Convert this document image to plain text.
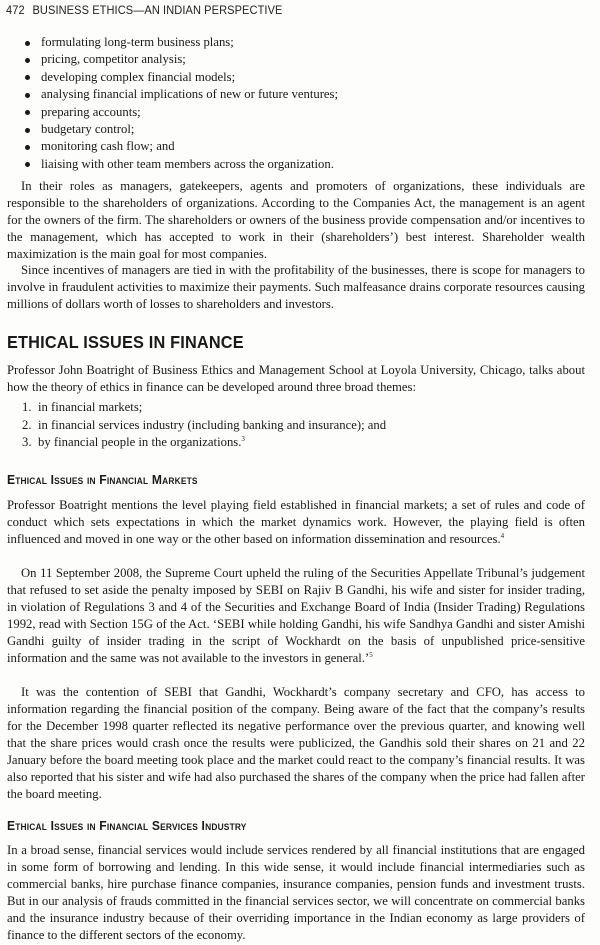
472 BUSINESS ETHICS—AN INDIAN PERSPECTIVE
formulating long-term business plans;
pricing, competitor analysis;
developing complex financial models;
analysing financial implications of new or future ventures;
preparing accounts;
budgetary control;
monitoring cash flow; and
liaising with other team members across the organization.

In their roles as managers, gatekeepers, agents and promoters of organizations, these individuals are responsible to the shareholders of organizations. According to the Companies Act, the management is an agent for the owners of the firm. The shareholders or owners of the business provide compensation and/or incentives to the management, which has accepted to work in their (shareholders’) best interest. Shareholder wealth maximization is the main goal for most companies.

Since incentives of managers are tied in with the profitability of the businesses, there is scope for managers to involve in fraudulent activities to maximize their payments. Such malfeasance drains corporate resources causing millions of dollars worth of losses to shareholders and investors.

ETHICAL ISSUES IN FINANCE

Professor John Boatright of Business Ethics and Management School at Loyola University, Chicago, talks about how the theory of ethics in finance can be developed around three broad themes:

1. in financial markets;
2. in financial services industry (including banking and insurance); and
3. by financial people in the organizations.$^3$
Ethical Issues in Financial Markets

Professor Boatright mentions the level playing field established in financial markets; a set of rules and code of conduct which sets expectations in which the market dynamics work. However, the playing field is often influenced and moved in one way or the other based on information dissemination and resources.$^4$

On 11 September 2008, the Supreme Court upheld the ruling of the Securities Appellate Tribunal’s judgement that refused to set aside the penalty imposed by SEBI on Rajiv B Gandhi, his wife and sister for insider trading, in violation of Regulations 3 and 4 of the Securities and Exchange Board of India (Insider Trading) Regulations 1992, read with Section 15G of the Act. ‘SEBI while holding Gandhi, his wife Sandhya Gandhi and sister Amishi Gandhi guilty of insider trading in the script of Wockhardt on the basis of unpublished price-sensitive information and the same was not available to the investors in general.’$^5$

It was the contention of SEBI that Gandhi, Wockhardt’s company secretary and CFO, has access to information regarding the financial position of the company. Being aware of the fact that the company’s results for the December 1998 quarter reflected its negative performance over the previous quarter, and knowing well that the share prices would crash once the results were publicized, the Gandhis sold their shares on 21 and 22 January before the board meeting took place and the market could react to the company’s financial results. It was also reported that his sister and wife had also purchased the shares of the company when the price had fallen after the board meeting.

Ethical Issues in Financial Services Industry

In a broad sense, financial services would include services rendered by all financial institutions that are engaged in some form of borrowing and lending. In this wide sense, it would include financial intermediaries such as commercial banks, hire purchase finance companies, insurance companies, pension funds and investment trusts. But in our analysis of frauds committed in the financial services sector, we will concentrate on commercial banks and the insurance industry because of their overriding importance in the Indian economy as large providers of finance to the different sectors of the economy.
